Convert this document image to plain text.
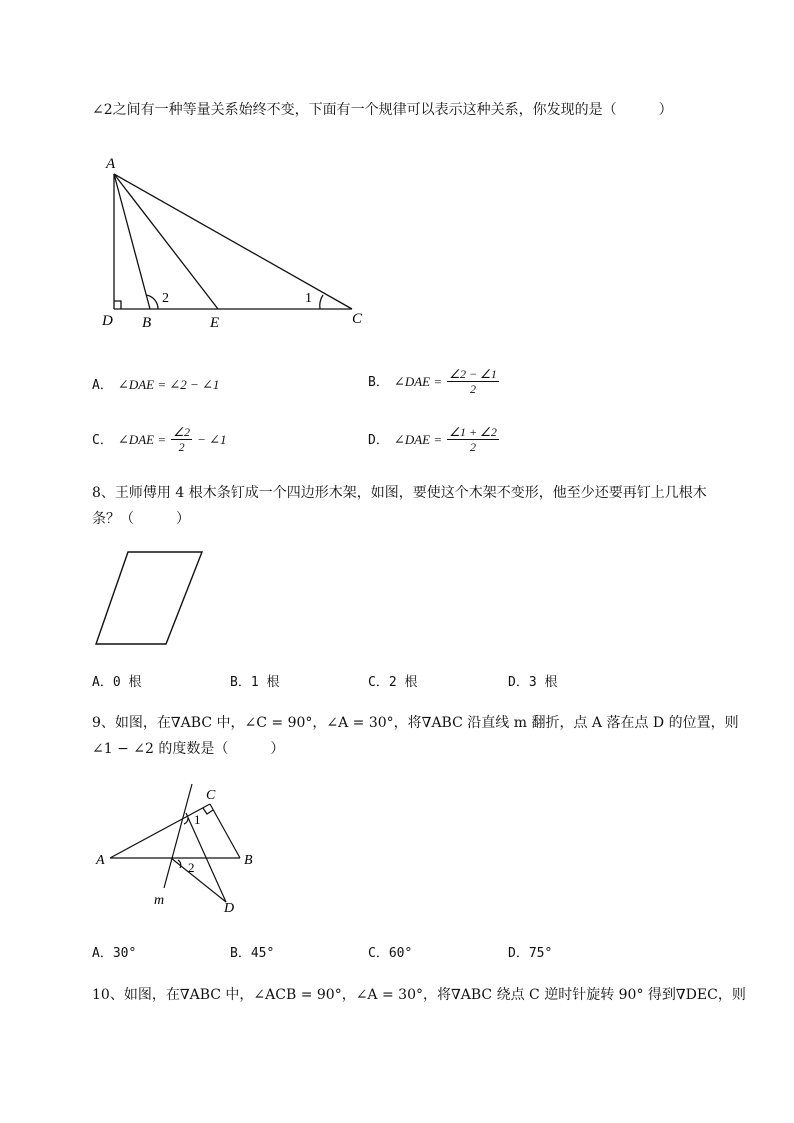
∠2之间有一种等量关系始终不变，下面有一个规律可以表示这种关系，你发现的是（　　　）
A
D B	E	C
1
2
A． ∠DAE = ∠2 − ∠1	B． ∠DAE = $\frac{\angle 2 - \angle 1}{2}$
C． ∠DAE = $\frac{\angle 2}{2}$ − ∠1	D． ∠DAE = $\frac{\angle 1 + \angle 2}{2}$
8、王师傅用 4 根木条钉成一个四边形木架，如图，要使这个木架不变形，他至少还要再钉上几根木
条？（　　　）
A．0 根	B．1 根	C．2 根	D．3 根
9、如图，在∇ABC 中，∠C = 90°，∠A = 30°，将∇ABC 沿直线 m 翻折，点 A 落在点 D 的位置，则
∠1 − ∠2 的度数是（　　　）
A	B
C
D
m
1
2
A．30°	B．45°	C．60°	D．75°
10、如图，在∇ABC 中，∠ACB = 90°，∠A = 30°，将∇ABC 绕点 C 逆时针旋转 90° 得到∇DEC，则
